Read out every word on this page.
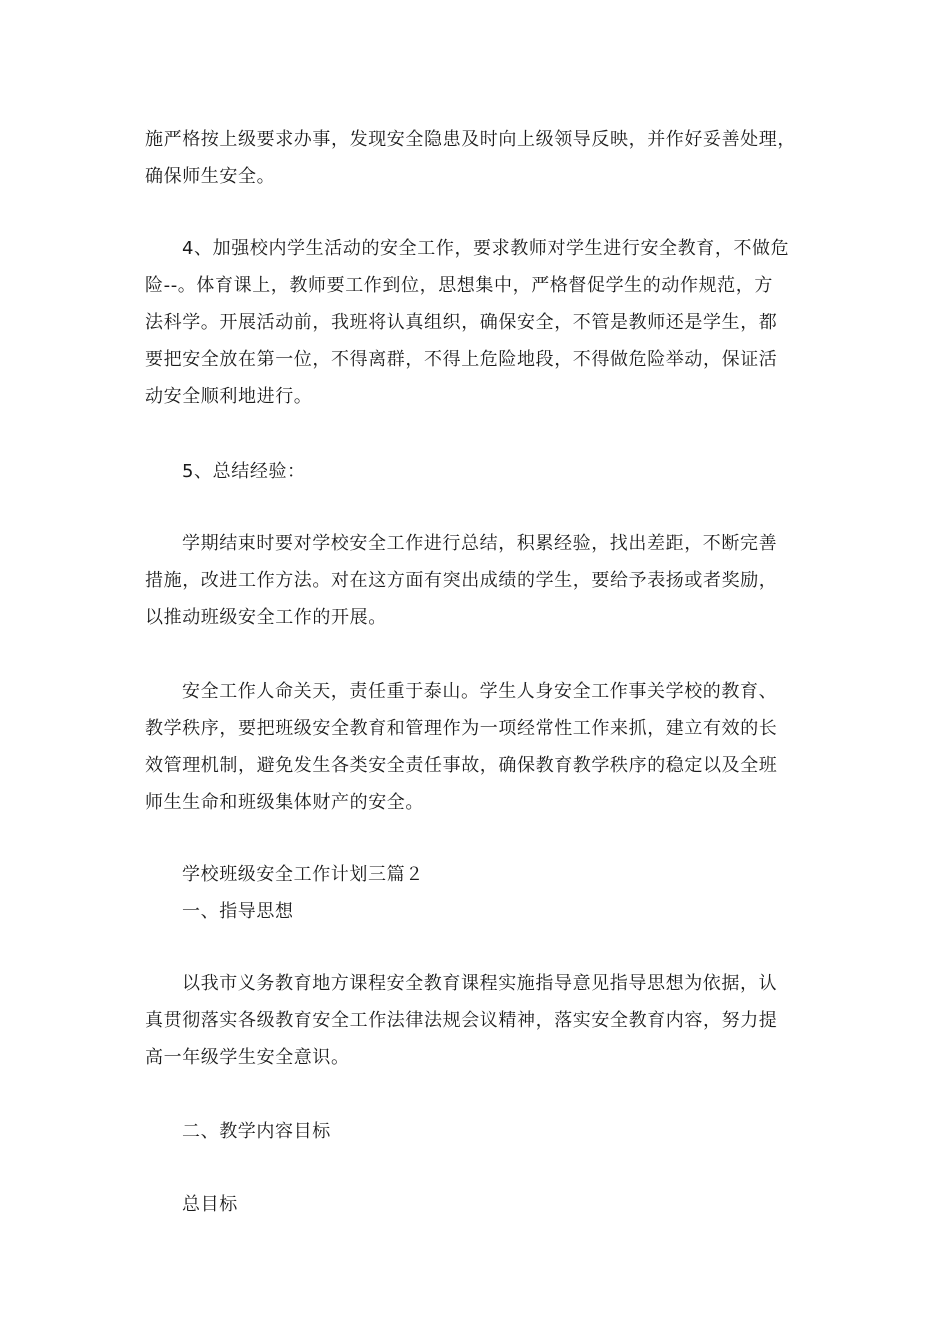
施严格按上级要求办事，发现安全隐患及时向上级领导反映，并作好妥善处理，
确保师生安全。

4、加强校内学生活动的安全工作，要求教师对学生进行安全教育，不做危
险--。体育课上，教师要工作到位，思想集中，严格督促学生的动作规范，方
法科学。开展活动前，我班将认真组织，确保安全，不管是教师还是学生，都
要把安全放在第一位，不得离群，不得上危险地段，不得做危险举动，保证活
动安全顺利地进行。

5、总结经验：

学期结束时要对学校安全工作进行总结，积累经验，找出差距，不断完善
措施，改进工作方法。对在这方面有突出成绩的学生，要给予表扬或者奖励，
以推动班级安全工作的开展。

安全工作人命关天，责任重于泰山。学生人身安全工作事关学校的教育、
教学秩序，要把班级安全教育和管理作为一项经常性工作来抓，建立有效的长
效管理机制，避免发生各类安全责任事故，确保教育教学秩序的稳定以及全班
师生生命和班级集体财产的安全。

学校班级安全工作计划三篇２
一、指导思想

以我市义务教育地方课程安全教育课程实施指导意见指导思想为依据，认
真贯彻落实各级教育安全工作法律法规会议精神，落实安全教育内容，努力提
高一年级学生安全意识。

二、教学内容目标

总目标
